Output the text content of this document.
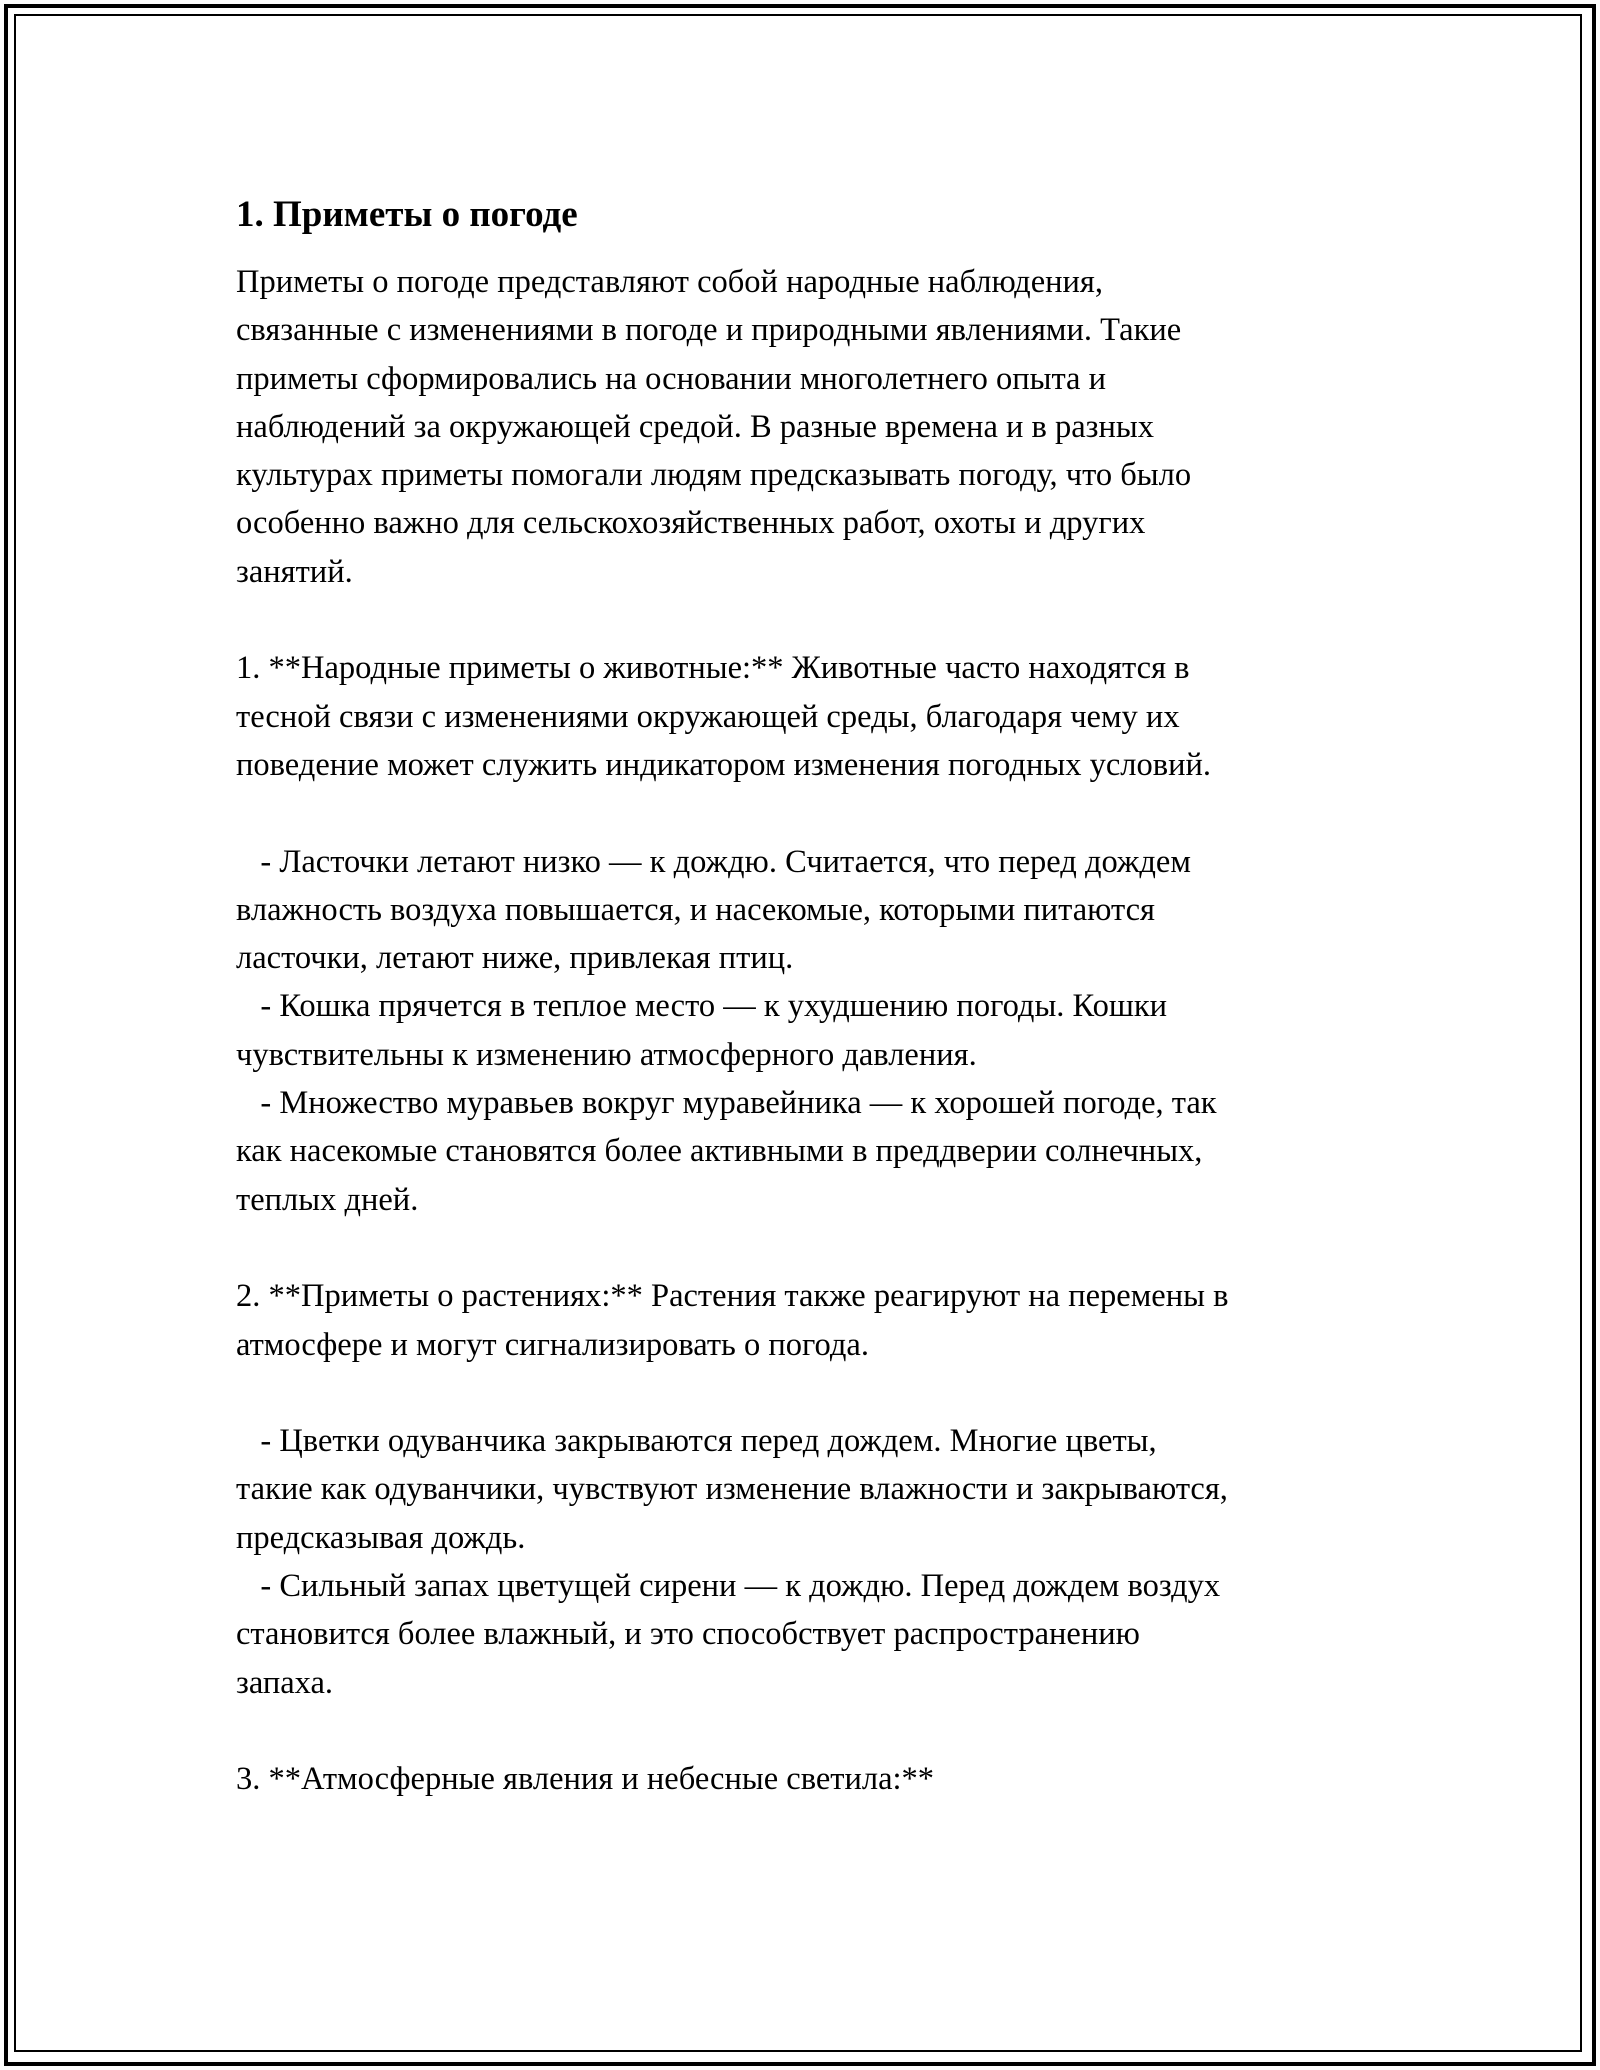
1. Приметы о погоде

Приметы о погоде представляют собой народные наблюдения,
связанные с изменениями в погоде и природными явлениями. Такие
приметы сформировались на основании многолетнего опыта и
наблюдений за окружающей средой. В разные времена и в разных
культурах приметы помогали людям предсказывать погоду, что было
особенно важно для сельскохозяйственных работ, охоты и других
занятий.

1. **Народные приметы о животные:** Животные часто находятся в
тесной связи с изменениями окружающей среды, благодаря чему их
поведение может служить индикатором изменения погодных условий.

- Ласточки летают низко — к дождю. Считается, что перед дождем
влажность воздуха повышается, и насекомые, которыми питаются
ласточки, летают ниже, привлекая птиц.

- Кошка прячется в теплое место — к ухудшению погоды. Кошки
чувствительны к изменению атмосферного давления.

- Множество муравьев вокруг муравейника — к хорошей погоде, так
как насекомые становятся более активными в преддверии солнечных,
теплых дней.

2. **Приметы о растениях:** Растения также реагируют на перемены в
атмосфере и могут сигнализировать о погода.

- Цветки одуванчика закрываются перед дождем. Многие цветы,
такие как одуванчики, чувствуют изменение влажности и закрываются,
предсказывая дождь.

- Сильный запах цветущей сирени — к дождю. Перед дождем воздух
становится более влажный, и это способствует распространению
запаха.

3. **Атмосферные явления и небесные светила:**
